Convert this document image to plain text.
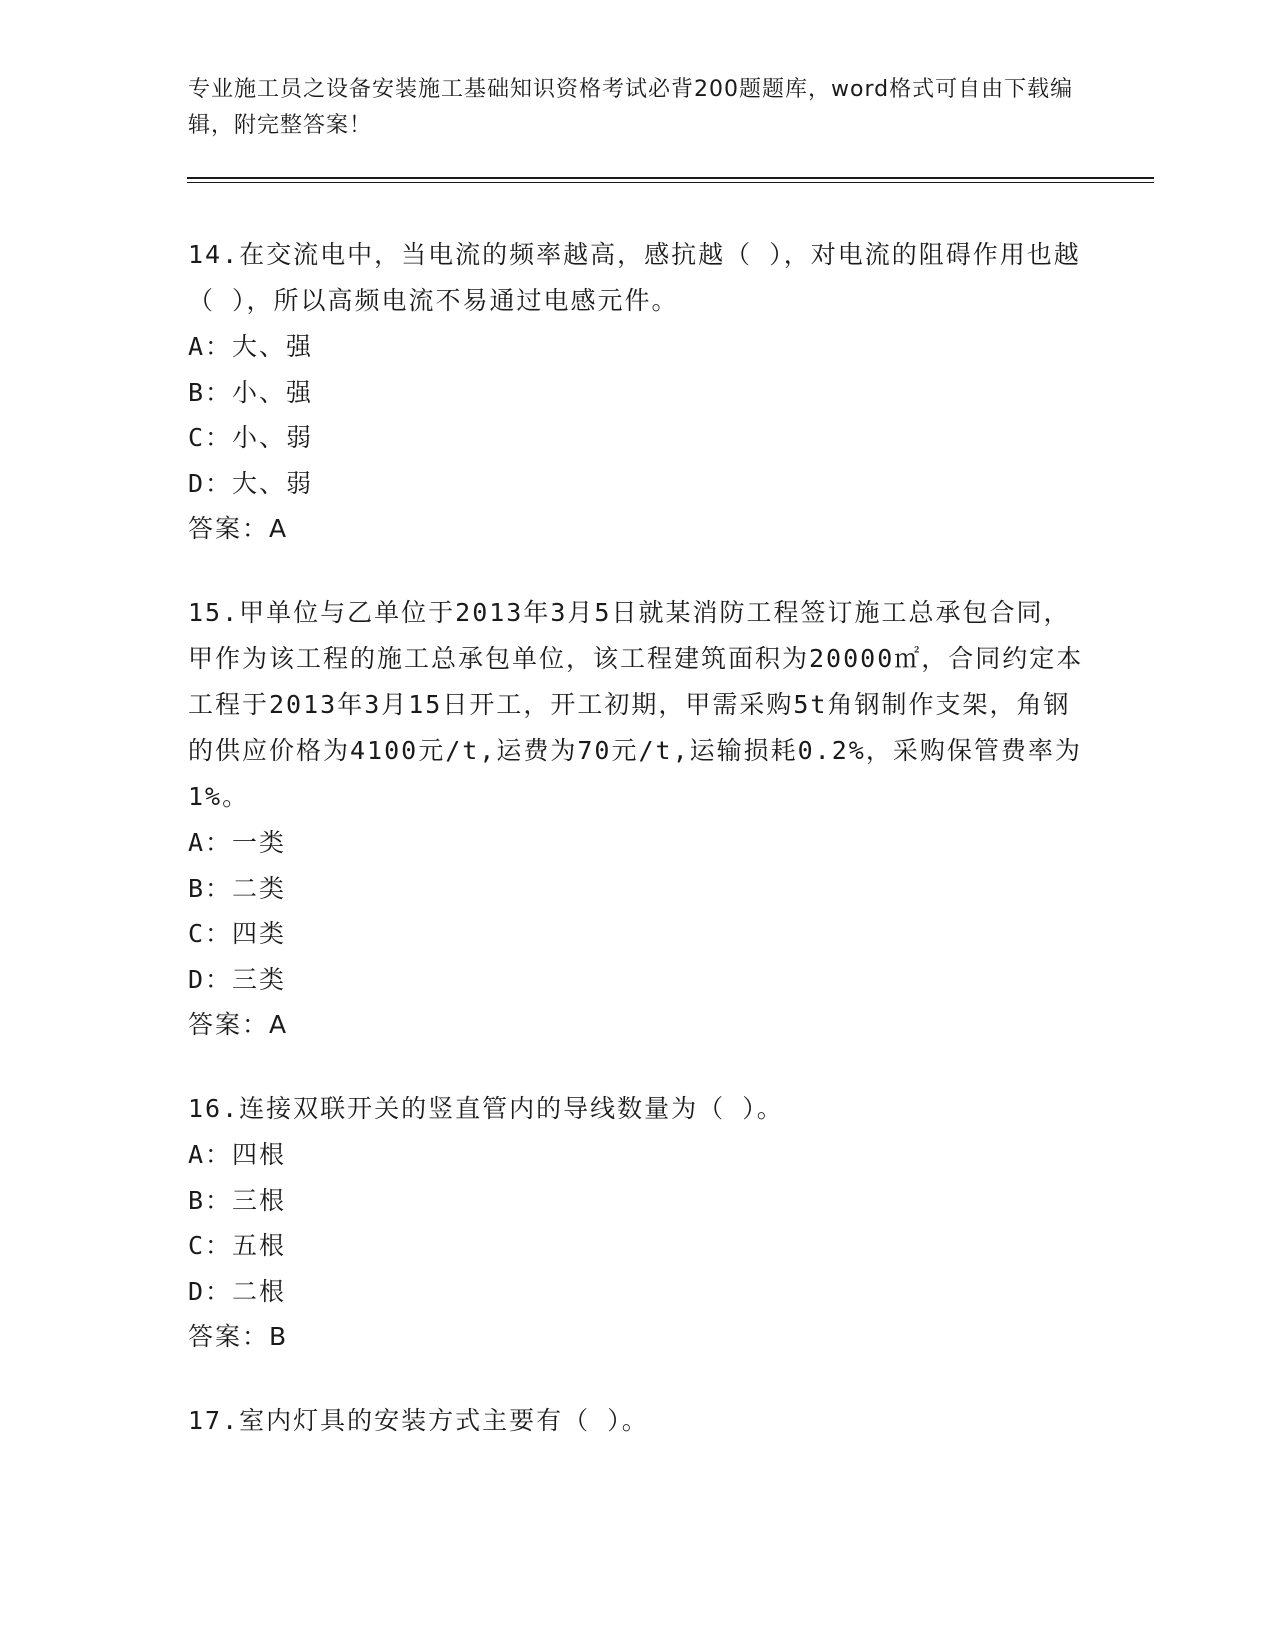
专业施工员之设备安装施工基础知识资格考试必背200题题库，word格式可自由下载编辑，附完整答案！

14.在交流电中，当电流的频率越高，感抗越（ ），对电流的阻碍作用也越（ ），所以高频电流不易通过电感元件。

A：大、强

B：小、强

C：小、弱

D：大、弱

答案：A

15.甲单位与乙单位于2013年3月5日就某消防工程签订施工总承包合同，甲作为该工程的施工总承包单位，该工程建筑面积为20000㎡，合同约定本工程于2013年3月15日开工，开工初期，甲需采购5t角钢制作支架，角钢的供应价格为4100元/t,运费为70元/t,运输损耗0.2%，采购保管费率为1%。

A：一类

B：二类

C：四类

D：三类

答案：A

16.连接双联开关的竖直管内的导线数量为（ ）。

A：四根

B：三根

C：五根

D：二根

答案：B

17.室内灯具的安装方式主要有（ ）。
